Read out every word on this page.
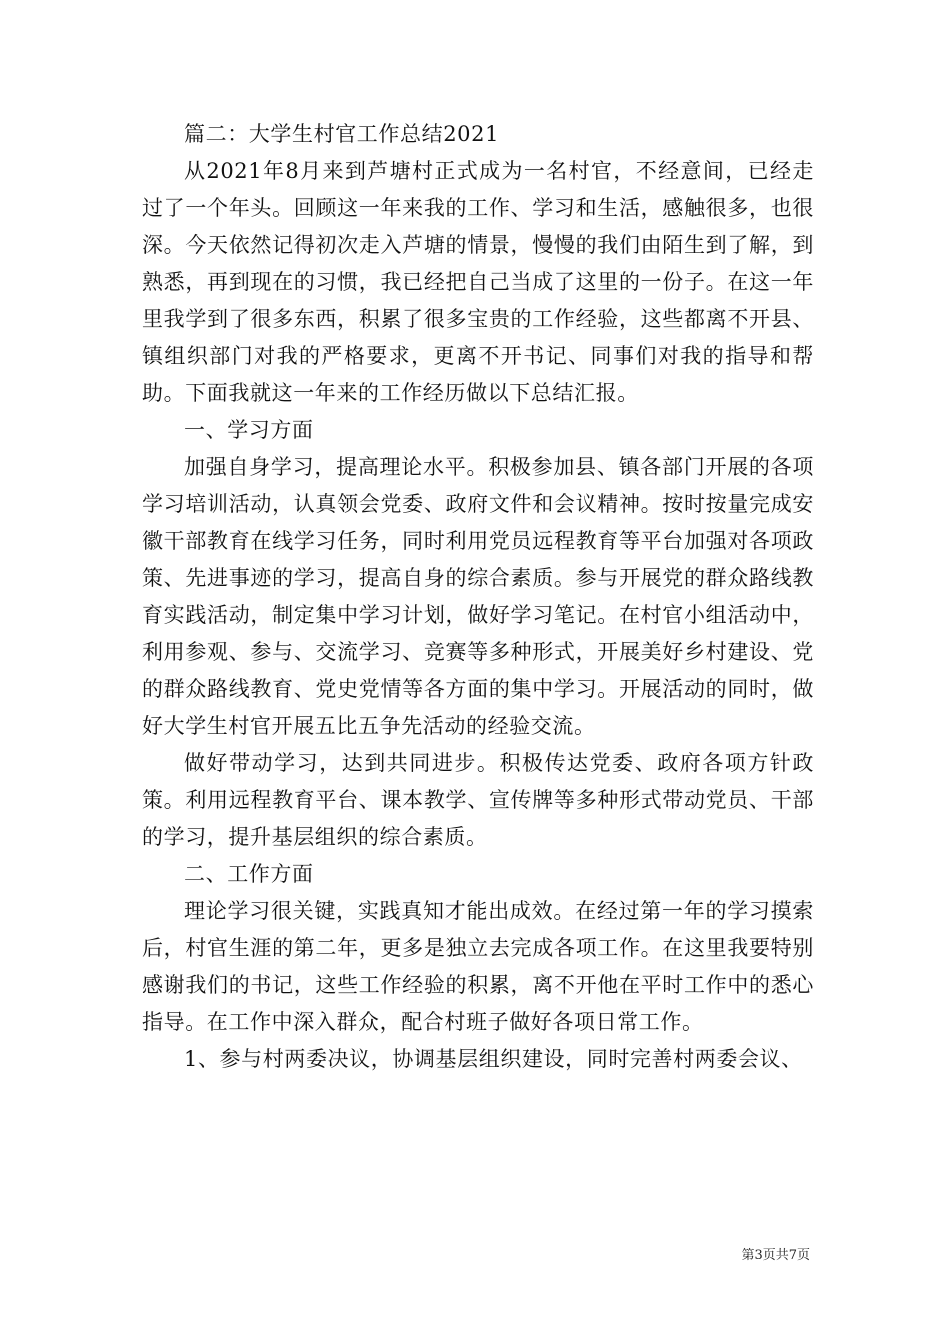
篇二：大学生村官工作总结2021

从2021年8月来到芦塘村正式成为一名村官，不经意间，已经走过了一个年头。回顾这一年来我的工作、学习和生活，感触很多，也很深。今天依然记得初次走入芦塘的情景，慢慢的我们由陌生到了解，到熟悉，再到现在的习惯，我已经把自己当成了这里的一份子。在这一年里我学到了很多东西，积累了很多宝贵的工作经验，这些都离不开县、镇组织部门对我的严格要求，更离不开书记、同事们对我的指导和帮助。下面我就这一年来的工作经历做以下总结汇报。

一、学习方面

加强自身学习，提高理论水平。积极参加县、镇各部门开展的各项学习培训活动，认真领会党委、政府文件和会议精神。按时按量完成安徽干部教育在线学习任务，同时利用党员远程教育等平台加强对各项政策、先进事迹的学习，提高自身的综合素质。参与开展党的群众路线教育实践活动，制定集中学习计划，做好学习笔记。在村官小组活动中，利用参观、参与、交流学习、竞赛等多种形式，开展美好乡村建设、党的群众路线教育、党史党情等各方面的集中学习。开展活动的同时，做好大学生村官开展五比五争先活动的经验交流。

做好带动学习，达到共同进步。积极传达党委、政府各项方针政策。利用远程教育平台、课本教学、宣传牌等多种形式带动党员、干部的学习，提升基层组织的综合素质。

二、工作方面

理论学习很关键，实践真知才能出成效。在经过第一年的学习摸索后，村官生涯的第二年，更多是独立去完成各项工作。在这里我要特别感谢我们的书记，这些工作经验的积累，离不开他在平时工作中的悉心指导。在工作中深入群众，配合村班子做好各项日常工作。

1、参与村两委决议，协调基层组织建设，同时完善村两委会议、

第3页共7页
